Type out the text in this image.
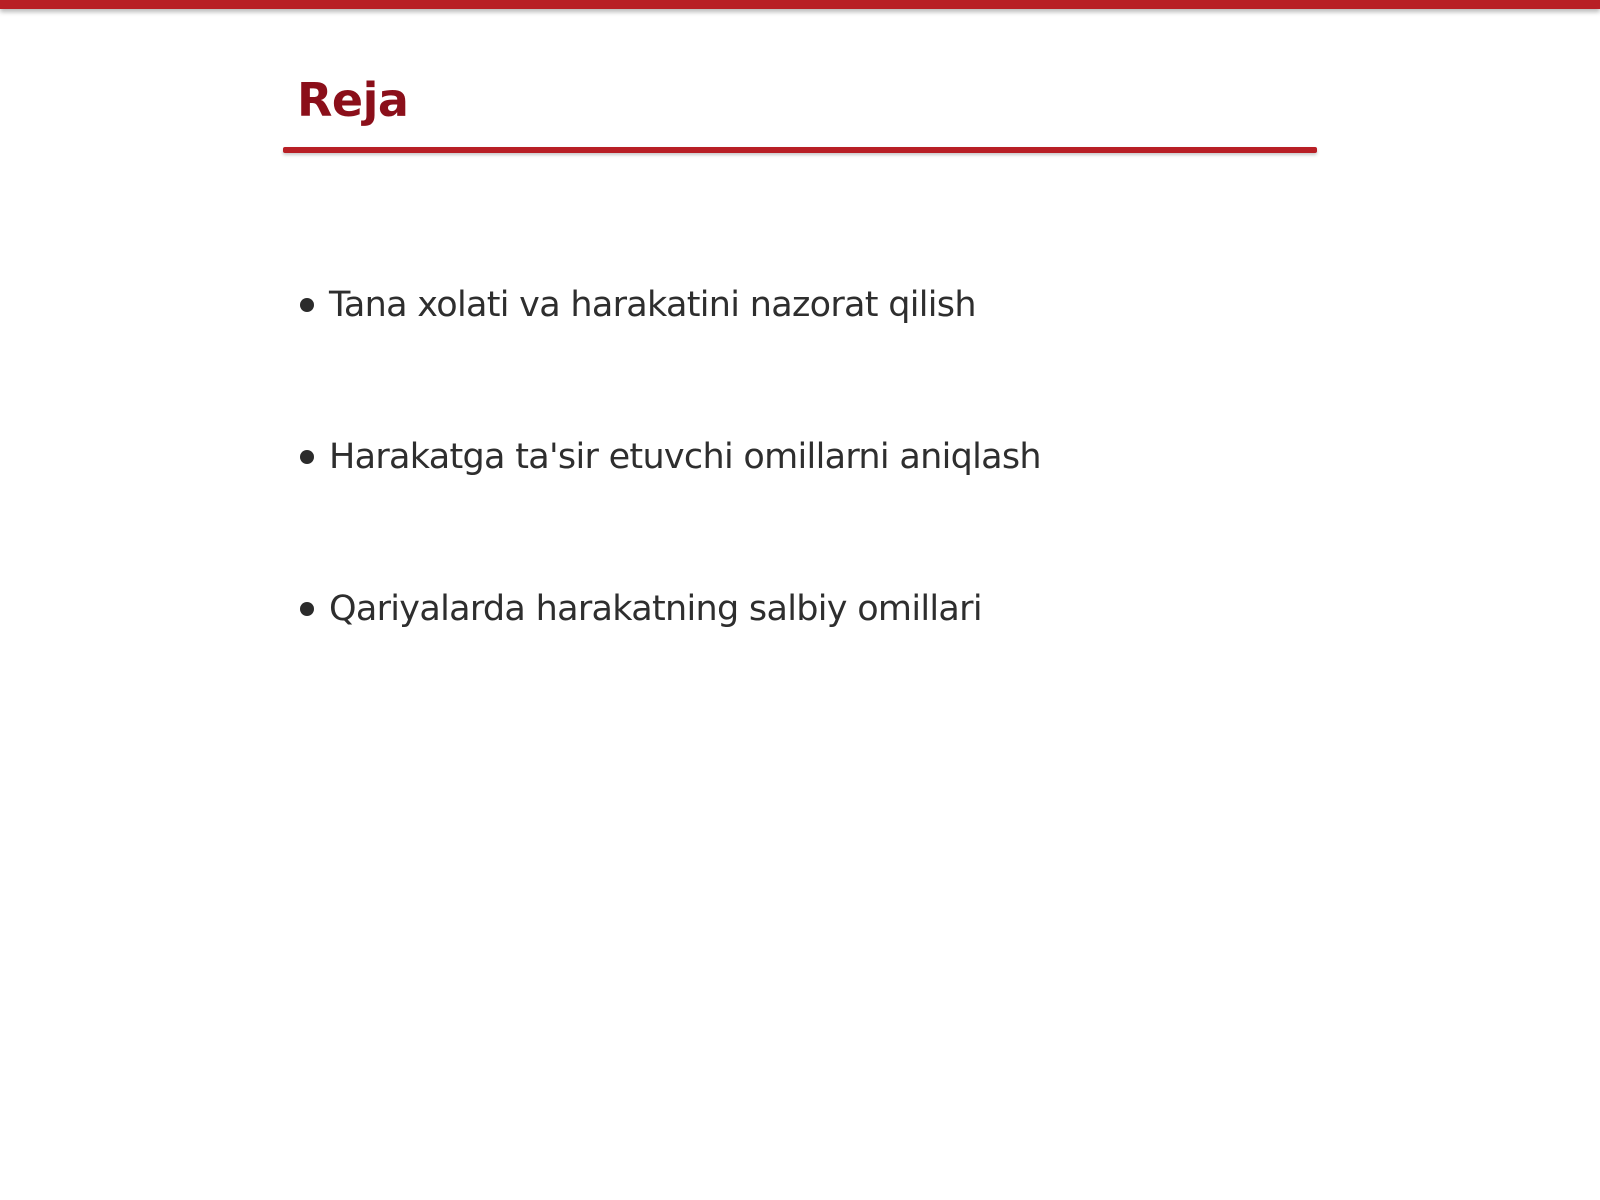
Reja
Tana xolati va harakatini nazorat qilish
Harakatga ta'sir etuvchi omillarni aniqlash
Qariyalarda harakatning salbiy omillari
